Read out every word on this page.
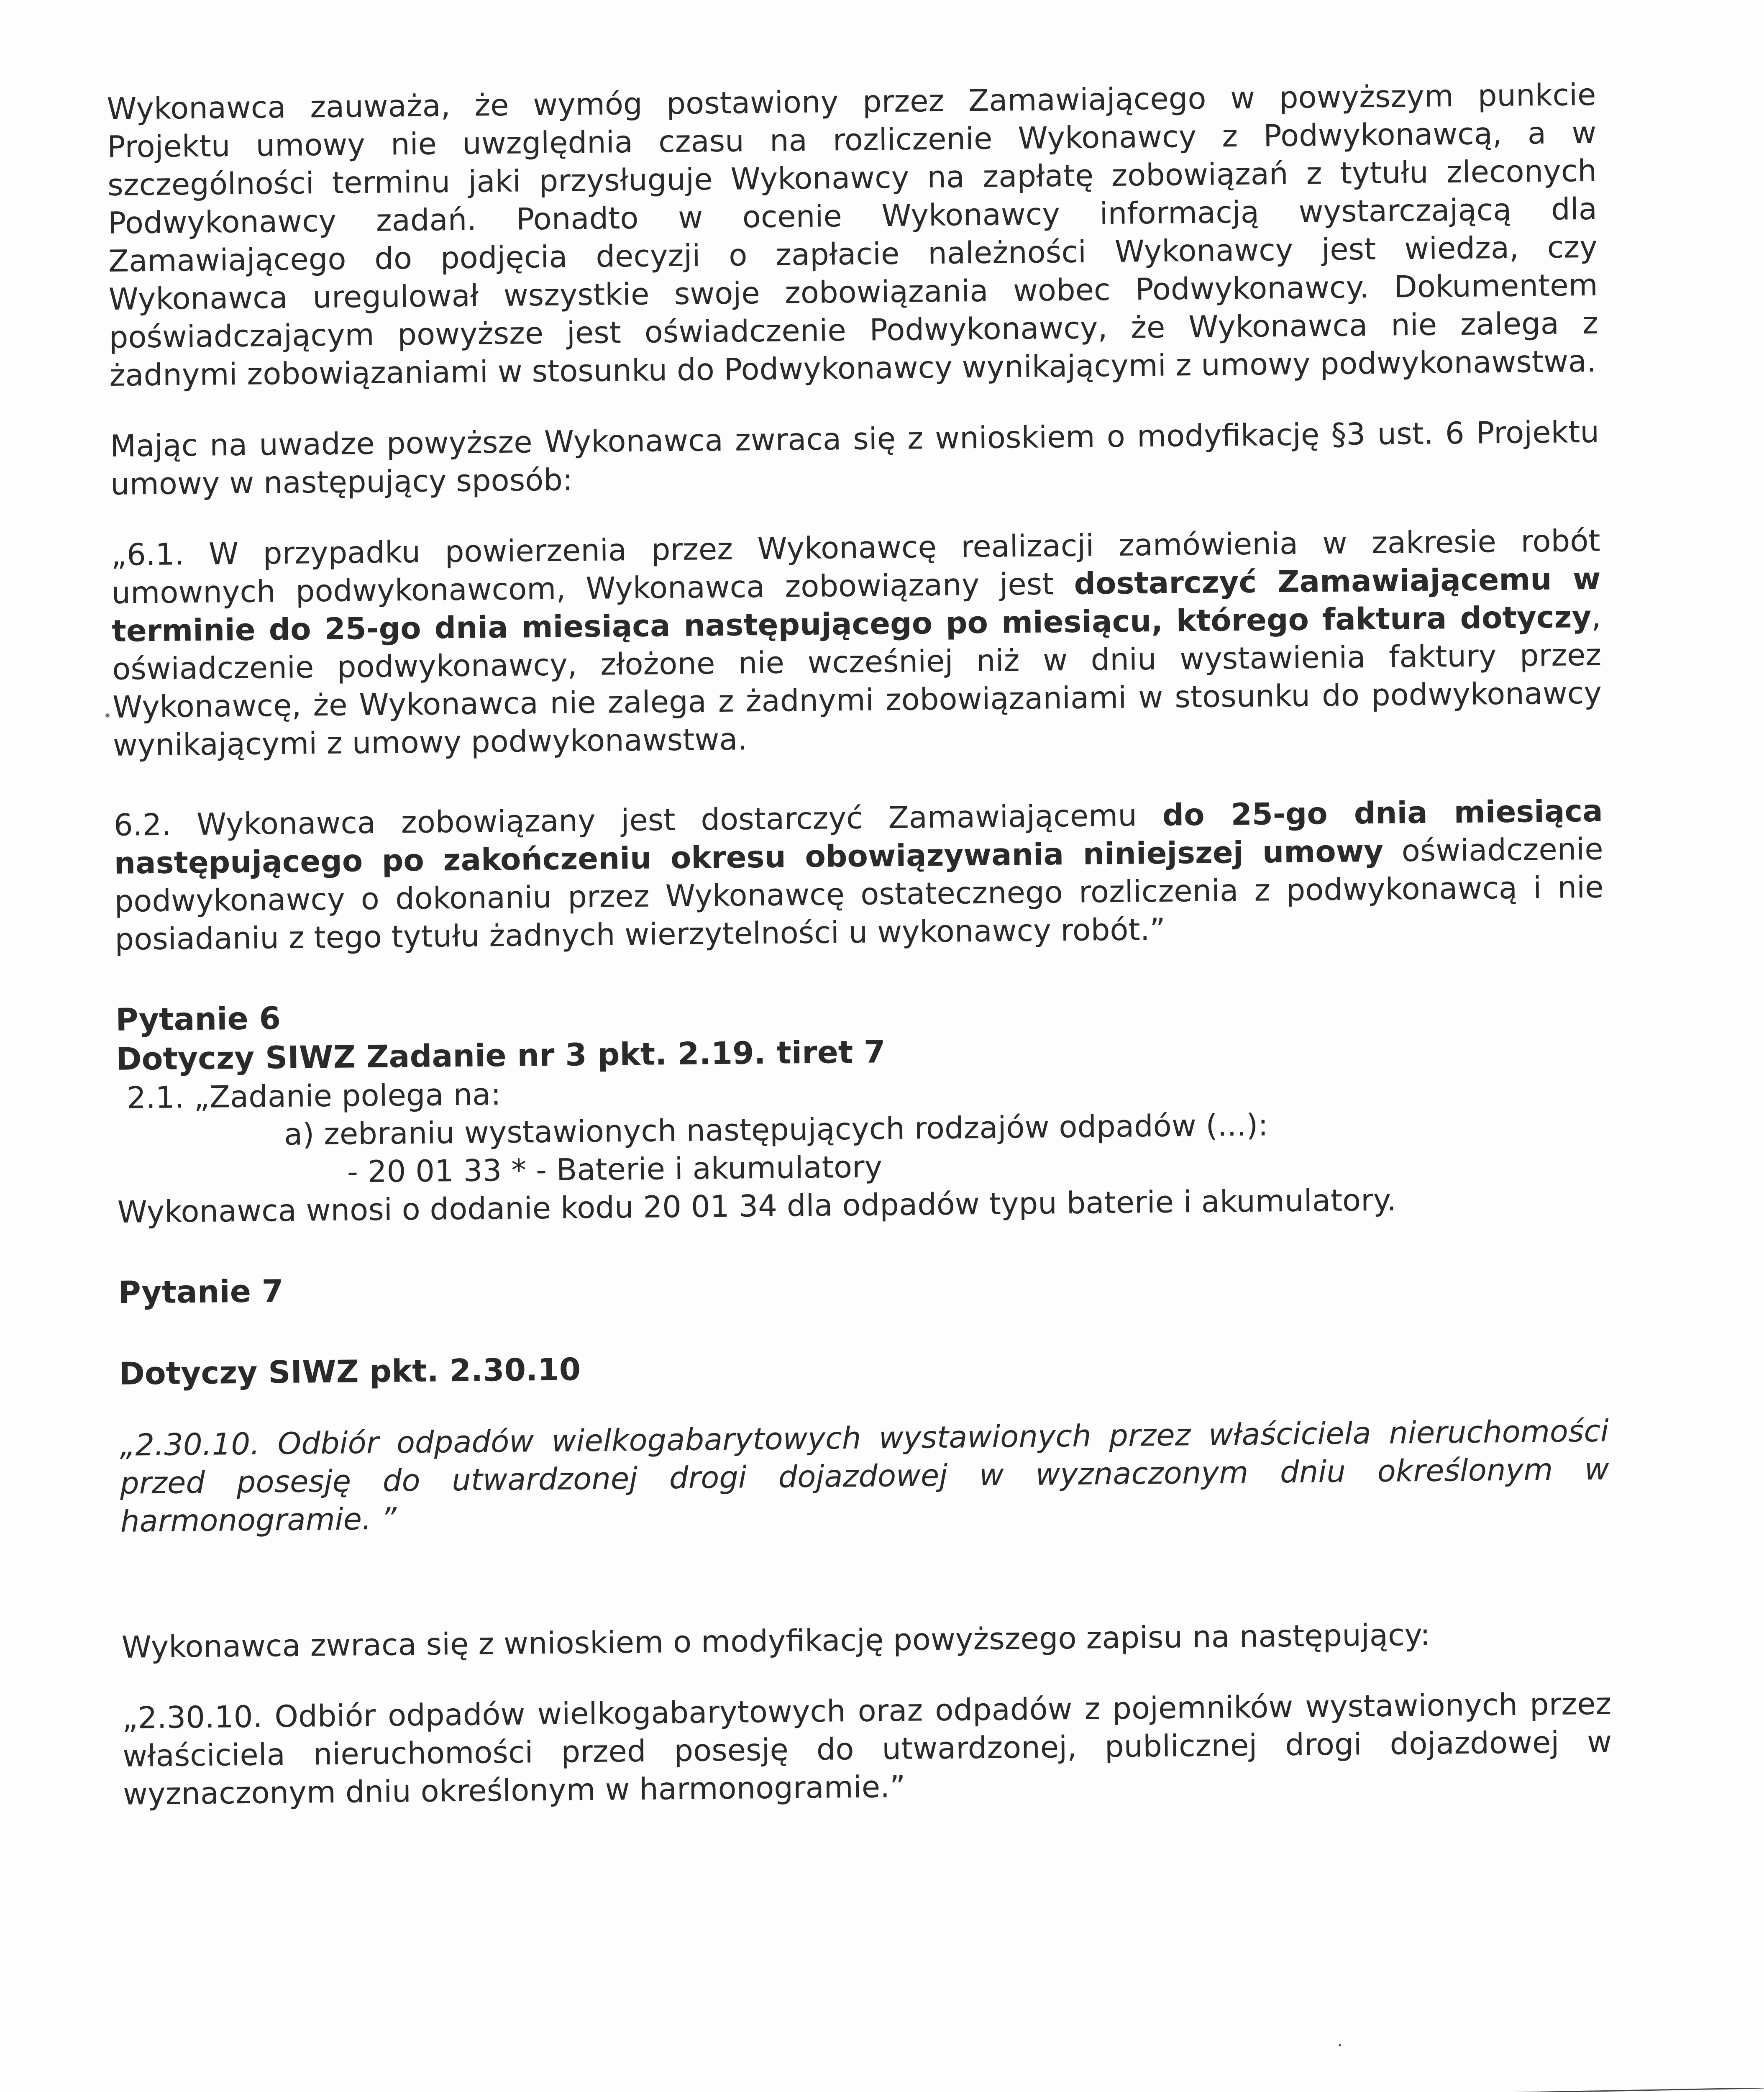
Wykonawca zauważa, że wymóg postawiony przez Zamawiającego w powyższym punkcie Projektu umowy nie uwzględnia czasu na rozliczenie Wykonawcy z Podwykonawcą, a w szczególności terminu jaki przysługuje Wykonawcy na zapłatę zobowiązań z tytułu zleconych Podwykonawcy zadań. Ponadto w ocenie Wykonawcy informacją wystarczającą dla Zamawiającego do podjęcia decyzji o zapłacie należności Wykonawcy jest wiedza, czy Wykonawca uregulował wszystkie swoje zobowiązania wobec Podwykonawcy. Dokumentem poświadczającym powyższe jest oświadczenie Podwykonawcy, że Wykonawca nie zalega z żadnymi zobowiązaniami w stosunku do Podwykonawcy wynikającymi z umowy podwykonawstwa.

Mając na uwadze powyższe Wykonawca zwraca się z wnioskiem o modyfikację §3 ust. 6 Projektu umowy w następujący sposób:

„6.1. W przypadku powierzenia przez Wykonawcę realizacji zamówienia w zakresie robót umownych podwykonawcom, Wykonawca zobowiązany jest dostarczyć Zamawiającemu w terminie do 25-go dnia miesiąca następującego po miesiącu, którego faktura dotyczy, oświadczenie podwykonawcy, złożone nie wcześniej niż w dniu wystawienia faktury przez Wykonawcę, że Wykonawca nie zalega z żadnymi zobowiązaniami w stosunku do podwykonawcy wynikającymi z umowy podwykonawstwa.

6.2. Wykonawca zobowiązany jest dostarczyć Zamawiającemu do 25-go dnia miesiąca następującego po zakończeniu okresu obowiązywania niniejszej umowy oświadczenie podwykonawcy o dokonaniu przez Wykonawcę ostatecznego rozliczenia z podwykonawcą i nie posiadaniu z tego tytułu żadnych wierzytelności u wykonawcy robót.”

Pytanie 6

Dotyczy SIWZ Zadanie nr 3 pkt. 2.19. tiret 7

2.1. „Zadanie polega na:

a) zebraniu wystawionych następujących rodzajów odpadów (...):

- 20 01 33 * - Baterie i akumulatory

Wykonawca wnosi o dodanie kodu 20 01 34 dla odpadów typu baterie i akumulatory.

Pytanie 7

Dotyczy SIWZ pkt. 2.30.10

„2.30.10. Odbiór odpadów wielkogabarytowych wystawionych przez właściciela nieruchomości przed posesję do utwardzonej drogi dojazdowej w wyznaczonym dniu określonym w harmonogramie. ”

Wykonawca zwraca się z wnioskiem o modyfikację powyższego zapisu na następujący:

„2.30.10. Odbiór odpadów wielkogabarytowych oraz odpadów z pojemników wystawionych przez właściciela nieruchomości przed posesję do utwardzonej, publicznej drogi dojazdowej w wyznaczonym dniu określonym w harmonogramie.”
